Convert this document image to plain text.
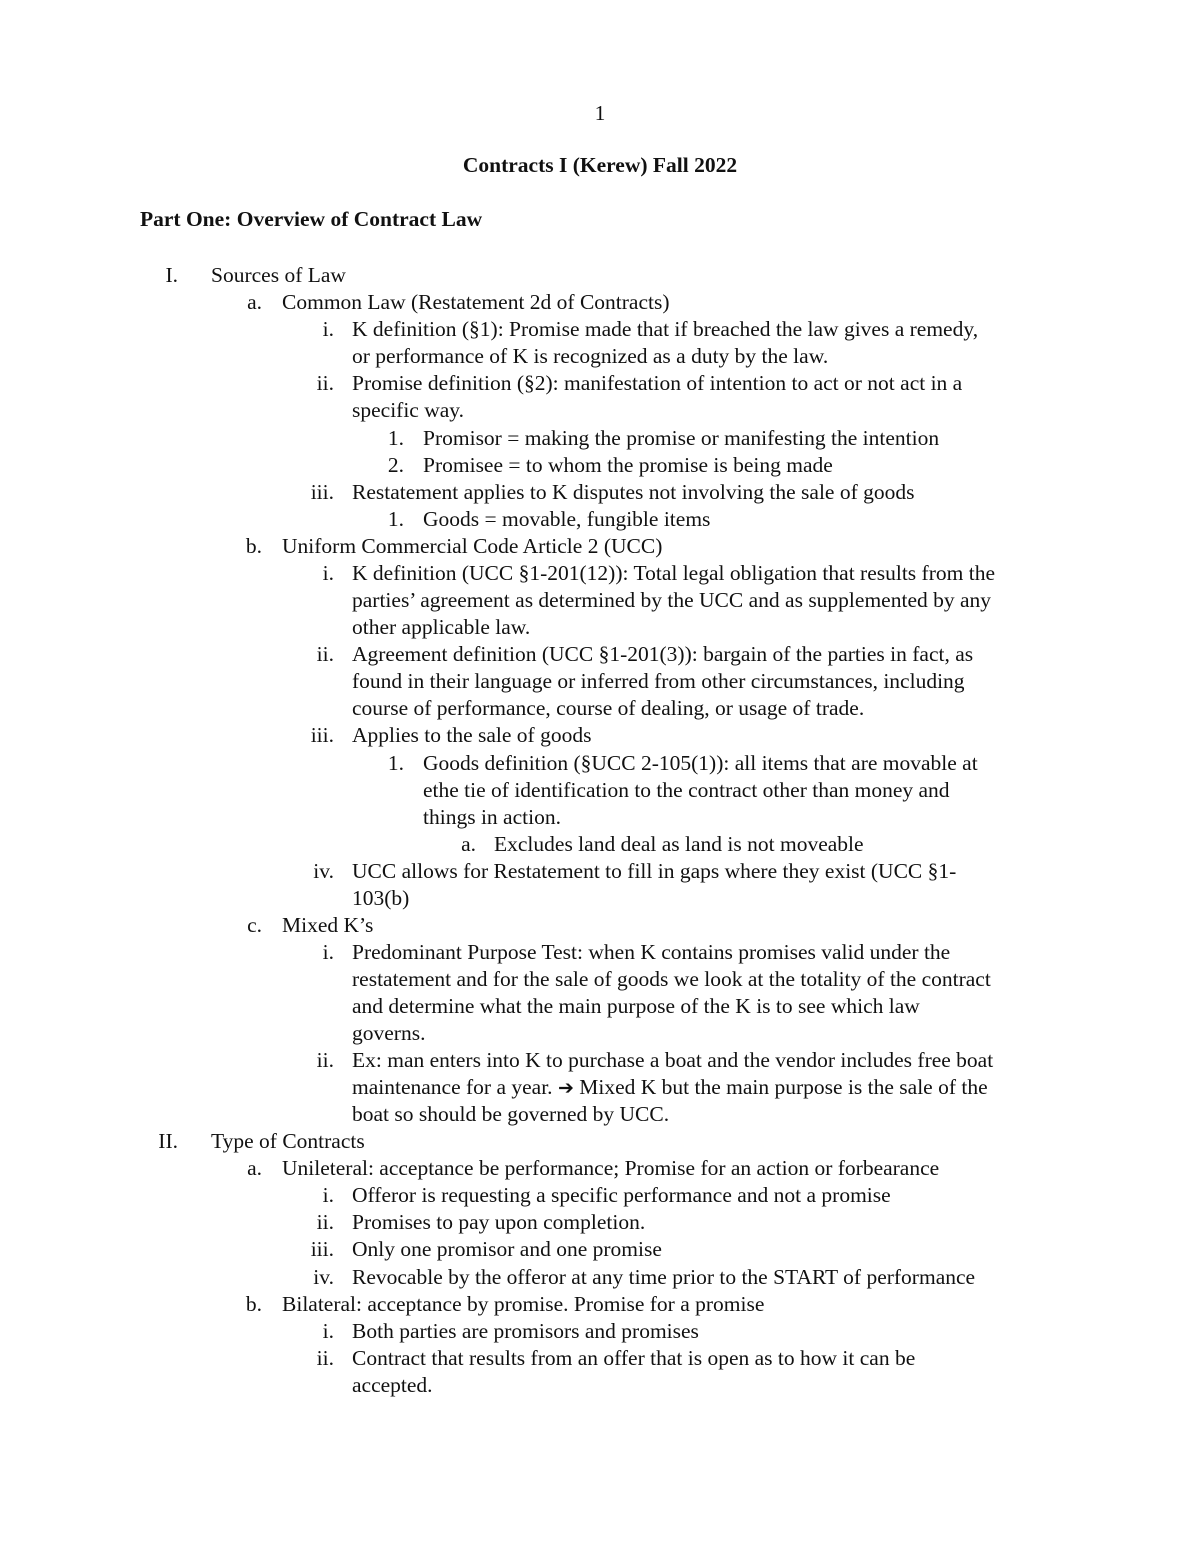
1
Contracts I (Kerew) Fall 2022
Part One: Overview of Contract Law
I. Sources of Law
a. Common Law (Restatement 2d of Contracts)
i. K definition (§1): Promise made that if breached the law gives a remedy,
or performance of K is recognized as a duty by the law.
ii. Promise definition (§2): manifestation of intention to act or not act in a
specific way.
1. Promisor = making the promise or manifesting the intention
2. Promisee = to whom the promise is being made
iii. Restatement applies to K disputes not involving the sale of goods
1. Goods = movable, fungible items
b. Uniform Commercial Code Article 2 (UCC)
i. K definition (UCC §1-201(12)): Total legal obligation that results from the
parties’ agreement as determined by the UCC and as supplemented by any
other applicable law.
ii. Agreement definition (UCC §1-201(3)): bargain of the parties in fact, as
found in their language or inferred from other circumstances, including
course of performance, course of dealing, or usage of trade.
iii. Applies to the sale of goods
1. Goods definition (§UCC 2-105(1)): all items that are movable at
ethe tie of identification to the contract other than money and
things in action.
a. Excludes land deal as land is not moveable
iv. UCC allows for Restatement to fill in gaps where they exist (UCC §1-
103(b)
c. Mixed K’s
i. Predominant Purpose Test: when K contains promises valid under the
restatement and for the sale of goods we look at the totality of the contract
and determine what the main purpose of the K is to see which law
governs.
ii. Ex: man enters into K to purchase a boat and the vendor includes free boat
maintenance for a year. ➔ Mixed K but the main purpose is the sale of the
boat so should be governed by UCC.
II. Type of Contracts
a. Unileteral: acceptance be performance; Promise for an action or forbearance
i. Offeror is requesting a specific performance and not a promise
ii. Promises to pay upon completion.
iii. Only one promisor and one promise
iv. Revocable by the offeror at any time prior to the START of performance
b. Bilateral: acceptance by promise. Promise for a promise
i. Both parties are promisors and promises
ii. Contract that results from an offer that is open as to how it can be
accepted.
